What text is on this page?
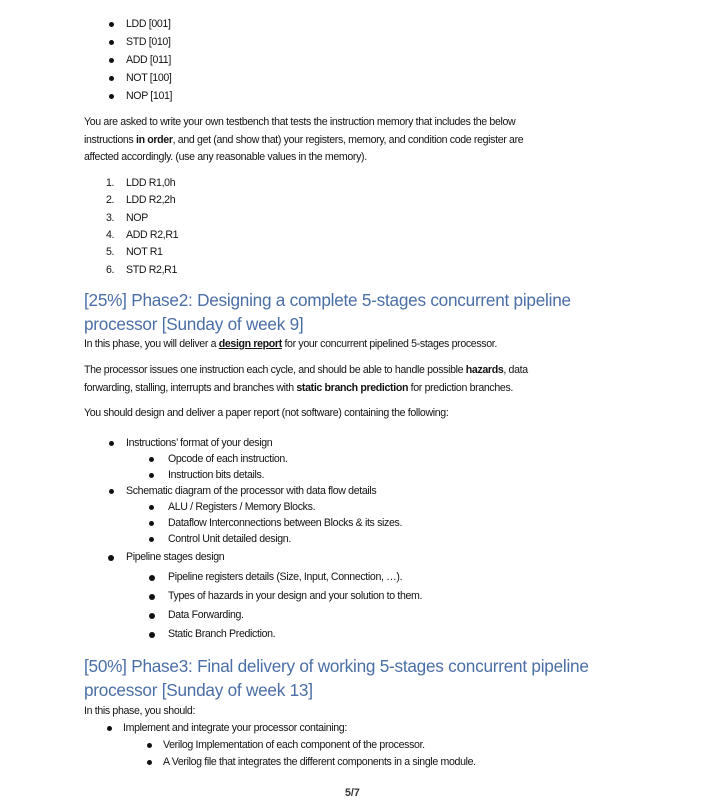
LDD [001]
STD [010]
ADD [011]
NOT [100]
NOP [101]
You are asked to write your own testbench that tests the instruction memory that includes the below
instructions in order, and get (and show that) your registers, memory, and condition code register are
affected accordingly. (use any reasonable values in the memory).
1. LDD R1,0h
2. LDD R2,2h
3. NOP
4. ADD R2,R1
5. NOT R1
6. STD R2,R1
[25%] Phase2: Designing a complete 5-stages concurrent pipeline
processor [Sunday of week 9]
In this phase, you will deliver a design report for your concurrent pipelined 5-stages processor.
The processor issues one instruction each cycle, and should be able to handle possible hazards, data
forwarding, stalling, interrupts and branches with static branch prediction for prediction branches.
You should design and deliver a paper report (not software) containing the following:
Instructions’ format of your design
Opcode of each instruction.
Instruction bits details.
Schematic diagram of the processor with data flow details
ALU / Registers / Memory Blocks.
Dataflow Interconnections between Blocks & its sizes.
Control Unit detailed design.
Pipeline stages design
Pipeline registers details (Size, Input, Connection, …).
Types of hazards in your design and your solution to them.
Data Forwarding.
Static Branch Prediction.
[50%] Phase3: Final delivery of working 5-stages concurrent pipeline
processor [Sunday of week 13]
In this phase, you should:
Implement and integrate your processor containing:
Verilog Implementation of each component of the processor.
A Verilog file that integrates the different components in a single module.
5/7
